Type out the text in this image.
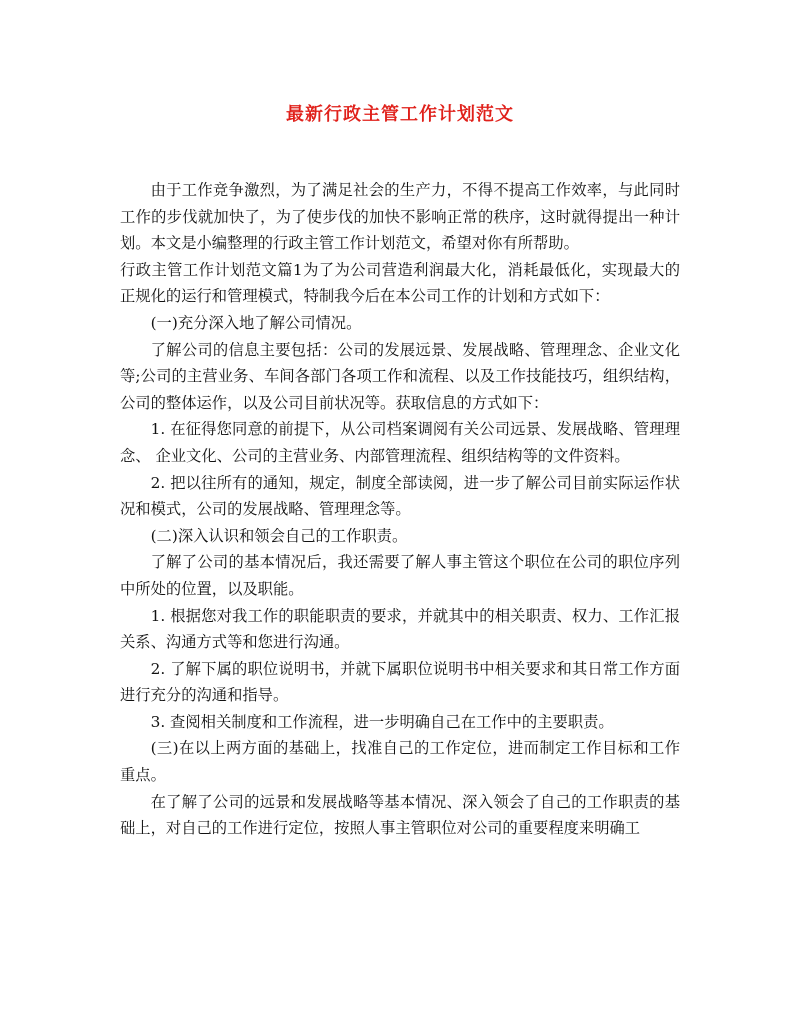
最新行政主管工作计划范文

由于工作竞争激烈，为了满足社会的生产力，不得不提高工作效率，与此同时工作的步伐就加快了，为了使步伐的加快不影响正常的秩序，这时就得提出一种计划。本文是小编整理的行政主管工作计划范文，希望对你有所帮助。

行政主管工作计划范文篇1为了为公司营造利润最大化，消耗最低化，实现最大的正规化的运行和管理模式，特制我今后在本公司工作的计划和方式如下：

(一)充分深入地了解公司情况。

了解公司的信息主要包括：公司的发展远景、发展战略、管理理念、企业文化等;公司的主营业务、车间各部门各项工作和流程、以及工作技能技巧，组织结构，公司的整体运作，以及公司目前状况等。获取信息的方式如下：

1. 在征得您同意的前提下，从公司档案调阅有关公司远景、发展战略、管理理念、 企业文化、公司的主营业务、内部管理流程、组织结构等的文件资料。

2. 把以往所有的通知，规定，制度全部读阅，进一步了解公司目前实际运作状况和模式，公司的发展战略、管理理念等。

(二)深入认识和领会自己的工作职责。

了解了公司的基本情况后，我还需要了解人事主管这个职位在公司的职位序列中所处的位置，以及职能。

1. 根据您对我工作的职能职责的要求，并就其中的相关职责、权力、工作汇报关系、沟通方式等和您进行沟通。

2. 了解下属的职位说明书，并就下属职位说明书中相关要求和其日常工作方面进行充分的沟通和指导。

3. 查阅相关制度和工作流程，进一步明确自己在工作中的主要职责。

(三)在以上两方面的基础上，找准自己的工作定位，进而制定工作目标和工作重点。

在了解了公司的远景和发展战略等基本情况、深入领会了自己的工作职责的基础上，对自己的工作进行定位，按照人事主管职位对公司的重要程度来明确工
